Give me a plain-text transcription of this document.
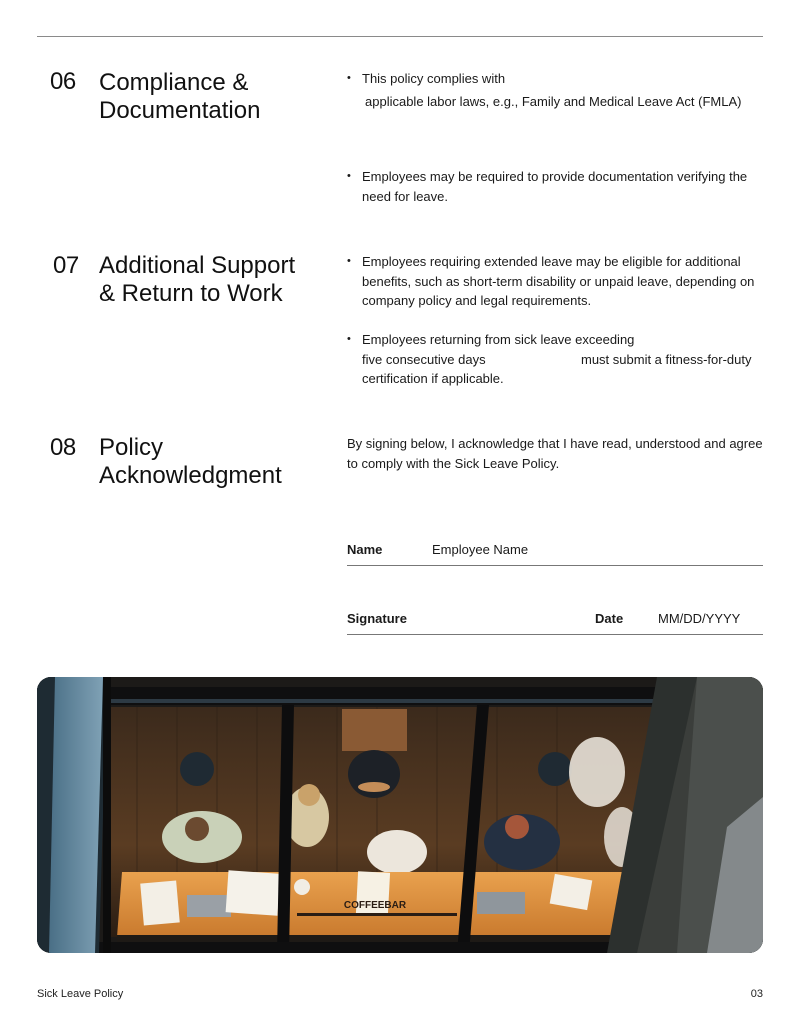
06 Compliance &
Documentation
• This policy complies with
applicable labor laws, e.g., Family and Medical Leave Act (FMLA)
• Employees may be required to provide documentation verifying the need for leave.
07 Additional Support
& Return to Work
• Employees requiring extended leave may be eligible for additional benefits, such as short-term disability or unpaid leave, depending on company policy and legal requirements.
• Employees returning from sick leave exceeding
five consecutive days	must submit a fitness-for-duty
certification if applicable.
08 Policy
Acknowledgment
By signing below, I acknowledge that I have read, understood and agree to comply with the Sick Leave Policy.
Name	Employee Name
Signature	Date	MM/DD/YYYY
COFFEEBAR
Sick Leave Policy	03
